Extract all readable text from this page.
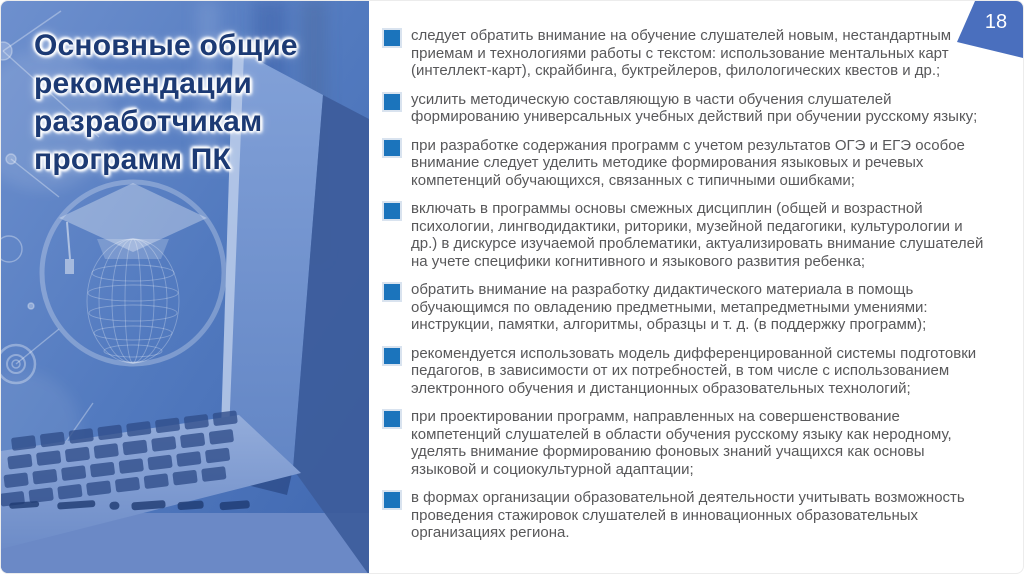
Основные общие
рекомендации
разработчикам
программ ПК
следует обратить внимание на обучение слушателей новым, нестандартным приемам и технологиями работы с текстом: использование ментальных карт (интеллект-карт), скрайбинга, буктрейлеров, филологических квестов и др.;
усилить методическую составляющую в части обучения слушателей формированию универсальных учебных действий при обучении русскому языку;
при разработке содержания программ с учетом результатов ОГЭ и ЕГЭ особое внимание следует уделить методике формирования языковых и речевых компетенций обучающихся, связанных с типичными ошибками;
включать в программы основы смежных дисциплин (общей и возрастной психологии, лингводидактики, риторики, музейной педагогики, культурологии и др.) в дискурсе изучаемой проблематики, актуализировать внимание слушателей на учете специфики когнитивного и языкового развития ребенка;
обратить внимание на разработку дидактического материала в помощь обучающимся по овладению предметными, метапредметными умениями: инструкции, памятки, алгоритмы, образцы и т. д. (в поддержку программ);
рекомендуется использовать модель дифференцированной системы подготовки педагогов, в зависимости от их потребностей, в том числе с использованием электронного обучения и дистанционных образовательных технологий;
при проектировании программ, направленных на совершенствование компетенций слушателей в области обучения русскому языку как неродному, уделять внимание формированию фоновых знаний учащихся как основы языковой и социокультурной адаптации;
в формах организации образовательной деятельности учитывать возможность проведения стажировок слушателей в инновационных образовательных организациях региона.
18
